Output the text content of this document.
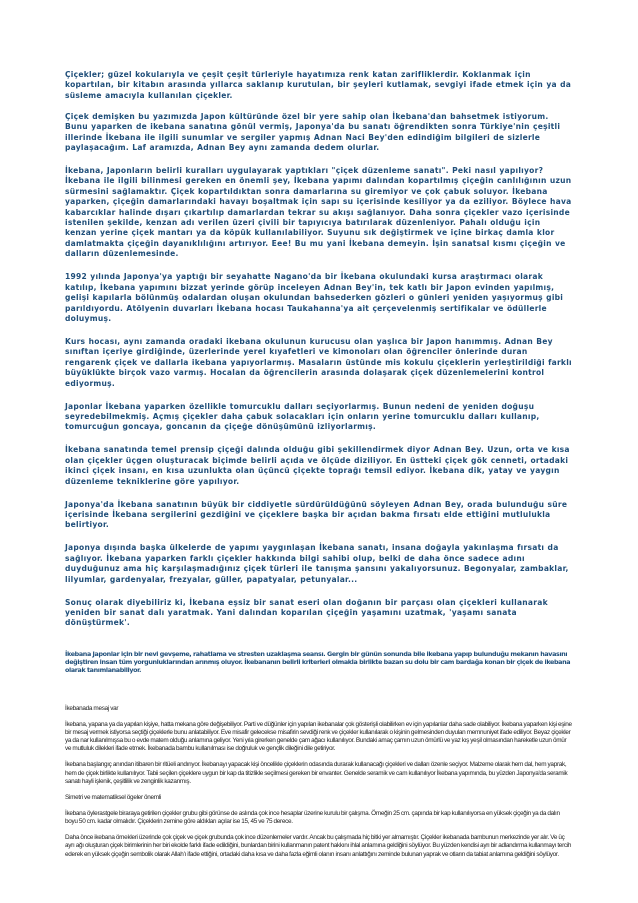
Çiçekler; güzel kokularıyla ve çeşit çeşit türleriyle hayatımıza renk katan zarifliklerdir. Koklanmak için kopartılan, bir kitabın arasında yıllarca saklanıp kurutulan, bir şeyleri kutlamak, sevgiyi ifade etmek için ya da süsleme amacıyla kullanılan çiçekler.

Çiçek demişken bu yazımızda Japon kültüründe özel bir yere sahip olan İkebana'dan bahsetmek istiyorum. Bunu yaparken de ikebana sanatına gönül vermiş, Japonya'da bu sanatı öğrendikten sonra Türkiye'nin çeşitli illerinde İkebana ile ilgili sunumlar ve sergiler yapmış Adnan Naci Bey'den edindiğim bilgileri de sizlerle paylaşacağım. Laf aramızda, Adnan Bey aynı zamanda dedem olurlar.

İkebana, Japonların belirli kuralları uygulayarak yaptıkları "çiçek düzenleme sanatı". Peki nasıl yapılıyor? İkebana ile ilgili bilinmesi gereken en önemli şey, İkebana yapımı dalından kopartılmış çiçeğin canlılığının uzun sürmesini sağlamaktır. Çiçek kopartıldıktan sonra damarlarına su giremiyor ve çok çabuk soluyor. İkebana yaparken, çiçeğin damarlarındaki havayı boşaltmak için sapı su içerisinde kesiliyor ya da eziliyor. Böylece hava kabarcıklar halinde dışarı çıkartılıp damarlardan tekrar su akışı sağlanıyor. Daha sonra çiçekler vazo içerisinde istenilen şekilde, kenzan adı verilen üzeri çivili bir tapıyıcıya batırılarak düzenleniyor. Pahalı olduğu için kenzan yerine çiçek mantarı ya da köpük kullanılabiliyor. Suyunu sık değiştirmek ve içine birkaç damla klor damlatmakta çiçeğin dayanıklılığını artırıyor. Eee! Bu mu yani İkebana demeyin. İşin sanatsal kısmı çiçeğin ve dalların düzenlemesinde.

1992 yılında Japonya'ya yaptığı bir seyahatte Nagano'da bir İkebana okulundaki kursa araştırmacı olarak katılıp, İkebana yapımını bizzat yerinde görüp inceleyen Adnan Bey'in, tek katlı bir Japon evinden yapılmış, gelişi kapılarla bölünmüş odalardan oluşan okulundan bahsederken gözleri o günleri yeniden yaşıyormuş gibi parıldıyordu. Atölyenin duvarları İkebana hocası Taukahanna'ya ait çerçevelenmiş sertifikalar ve ödüllerle doluymuş.

Kurs hocası, aynı zamanda oradaki ikebana okulunun kurucusu olan yaşlıca bir Japon hanımmış. Adnan Bey sınıftan içeriye girdiğinde, üzerlerinde yerel kıyafetleri ve kimonoları olan öğrenciler önlerinde duran rengarenk çiçek ve dallarla ikebana yapıyorlarmış. Masaların üstünde mis kokulu çiçeklerin yerleştirildiği farklı büyüklükte birçok vazo varmış. Hocalan da öğrencilerin arasında dolaşarak çiçek düzenlemelerini kontrol ediyormuş.

Japonlar İkebana yaparken özellikle tomurcuklu dalları seçiyorlarmış. Bunun nedeni de yeniden doğuşu seyredebilmekmiş. Açmış çiçekler daha çabuk solacakları için onların yerine tomurcuklu dalları kullanıp, tomurcuğun goncaya, goncanın da çiçeğe dönüşümünü izliyorlarmış.

İkebana sanatında temel prensip çiçeği dalında olduğu gibi şekillendirmek diyor Adnan Bey. Uzun, orta ve kısa olan çiçekler üçgen oluşturacak biçimde belirli açıda ve ölçüde diziliyor. En üstteki çiçek gök cenneti, ortadaki ikinci çiçek insanı, en kısa uzunlukta olan üçüncü çiçekte toprağı temsil ediyor. İkebana dik, yatay ve yaygın düzenleme tekniklerine göre yapılıyor.

Japonya'da İkebana sanatının büyük bir ciddiyetle sürdürüldüğünü söyleyen Adnan Bey, orada bulunduğu süre içerisinde İkebana sergilerini gezdiğini ve çiçeklere başka bir açıdan bakma fırsatı elde ettiğini mutlulukla belirtiyor.

Japonya dışında başka ülkelerde de yapımı yaygınlaşan İkebana sanatı, insana doğayla yakınlaşma fırsatı da sağlıyor. İkebana yaparken farklı çiçekler hakkında bilgi sahibi olup, belki de daha önce sadece adını duyduğunuz ama hiç karşılaşmadığınız çiçek türleri ile tanışma şansını yakalıyorsunuz. Begonyalar, zambaklar, lilyumlar, gardenyalar, frezyalar, güller, papatyalar, petunyalar...

Sonuç olarak diyebiliriz ki, İkebana eşsiz bir sanat eseri olan doğanın bir parçası olan çiçekleri kullanarak yeniden bir sanat dalı yaratmak. Yani dalından koparılan çiçeğin yaşamını uzatmak, 'yaşamı sanata dönüştürmek'.

İkebana Japonlar için bir nevi gevşeme, rahatlama ve stresten uzaklaşma seansı. Gergin bir günün sonunda bile ikebana yapıp bulunduğu mekanın havasını değiştiren insan tüm yorgunluklarından arınmış oluyor. İkebananın belirli kriterleri olmakla birlikte bazan su dolu bir cam bardağa konan bir çiçek de ikebana olarak tanımlanabiliyor.

İkebanada mesaj var

İkebana, yapana ya da yapılan kişiye, hatta mekana göre değişebiliyor. Parti ve düğünler için yapılan ikebanalar çok gösterişli olabilirken ev için yapılanlar daha sade olabiliyor. İkebana yaparken kişi eşine bir mesaj vermek istiyorsa seçtiği çiçeklerle bunu anlatabiliyor. Eve misafir gelecekse misafirin sevdiği renk ve çiçekler kullanılarak o kişinin gelmesinden duyulan memnuniyet ifade ediliyor. Beyaz çiçekler ya da nar kullanılmışsa bu o evde matem olduğu anlamına geliyor. Yeni yıla girerken genelde çam ağacı kullanılıyor. Bundaki amaç çamın uzun ömürlü ve yaz kış yeşil olmasından hareketle uzun ömür ve mutluluk dilekleri ifade etmek. İkebanada bambu kullanılması ise doğruluk ve gençlik dileğini dile getiriyor.

İkebana başlangıç anından itibaren bir ritüeli andırıyor. İkebanayı yapacak kişi öncelikle çiçeklerin odasında durarak kullanacağı çiçekleri ve dalları özenle seçiyor. Malzeme olarak hem dal, hem yaprak, hem de çiçek birlikte kullanılıyor. Tabii seçilen çiçeklere uygun bir kap da titizlikle seçilmesi gereken bir envanter. Genelde seramik ve cam kullanılıyor İkebana yapımında, bu yüzden Japonya'da seramik sanatı hayli işlenik, çeşitlilik ve zenginlik kazanmış.

Simetri ve matematiksel ögeler önemli

İkebana öylerastgele biraraya getirilen çiçekler grubu gibi görünse de aslında çok ince hesaplar üzerine kurulu bir çalışma. Örneğin 25 cm. çapında bir kap kullanılıyorsa en yüksek çiçeğin ya da dalın boyu 50 cm. kadar olmalıdır. Çiçeklerin zemine göre aldıkları açılar ise 15, 45 ve 75 derece.

Daha önce ikebana örnekleri üzerinde çok çiçek ve çiçek grubunda çok ince düzenlemeler vardır. Ancak bu çalışmada hiç bitki yer almamıştır. Çiçekler ikebanada bambunun merkezinde yer alır. Ve üç ayrı ağı oluşturan çiçek birimlerinin her biri ekolde farklı ifade edildiğini, bunlardan birini kullanmanın patent hakkını ihlal anlamına geldiğini söylüyor. Bu yüzden kendisi ayrı bir adlandırma kullanmayı tercih ederek en yüksek çiçeğin sembolik olarak Allah'ı ifade ettiğini, ortadaki daha kısa ve daha fazla eğimli olanın insanı anlattığını zeminde bulunan yaprak ve otların da tabiat anlamına geldiğini söylüyor.
